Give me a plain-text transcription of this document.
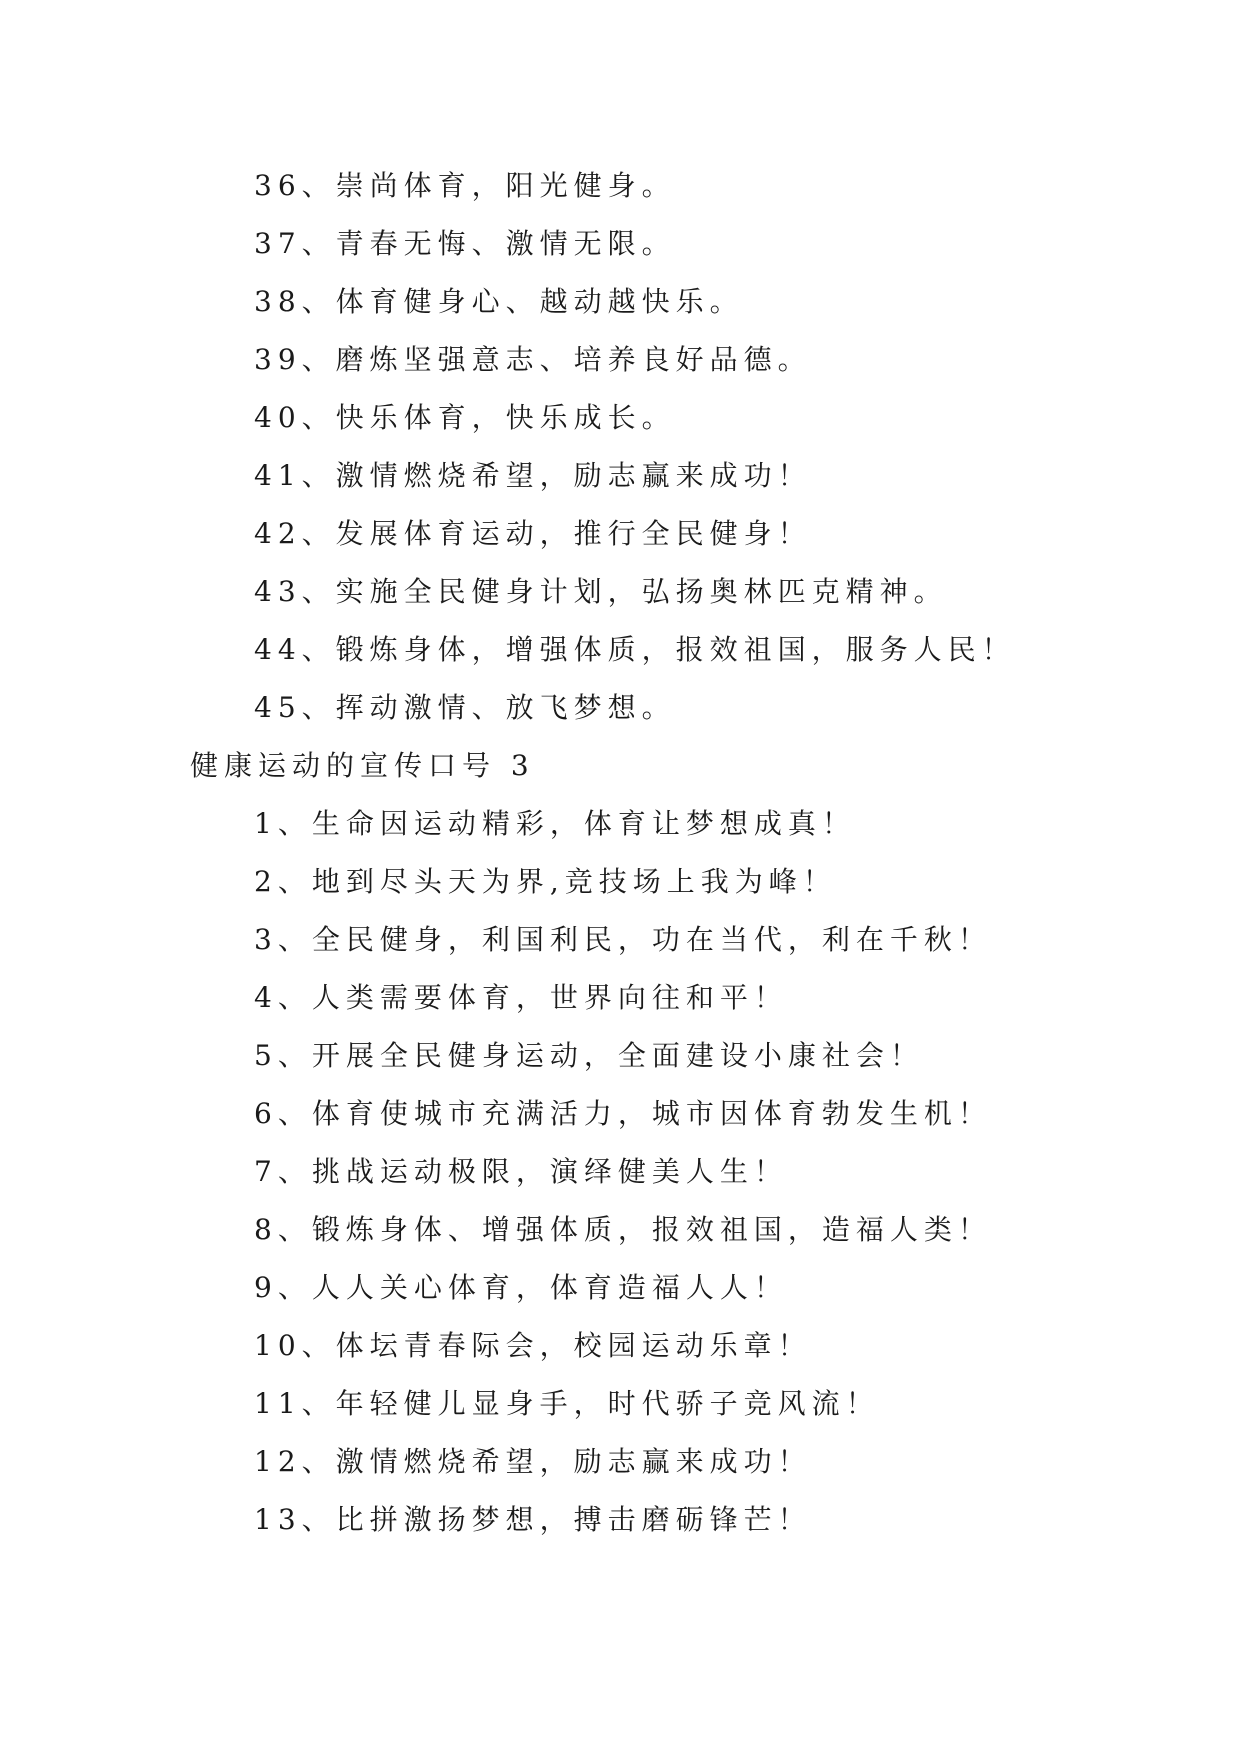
36、崇尚体育，阳光健身。
37、青春无悔、激情无限。
38、体育健身心、越动越快乐。
39、磨炼坚强意志、培养良好品德。
40、快乐体育，快乐成长。
41、激情燃烧希望，励志赢来成功！
42、发展体育运动，推行全民健身！
43、实施全民健身计划，弘扬奥林匹克精神。
44、锻炼身体，增强体质，报效祖国，服务人民！
45、挥动激情、放飞梦想。
健康运动的宣传口号 3
1、生命因运动精彩，体育让梦想成真！
2、地到尽头天为界,竞技场上我为峰！
3、全民健身，利国利民，功在当代，利在千秋！
4、人类需要体育，世界向往和平！
5、开展全民健身运动，全面建设小康社会！
6、体育使城市充满活力，城市因体育勃发生机！
7、挑战运动极限，演绎健美人生！
8、锻炼身体、增强体质，报效祖国，造福人类！
9、人人关心体育，体育造福人人！
10、体坛青春际会，校园运动乐章！
11、年轻健儿显身手，时代骄子竞风流！
12、激情燃烧希望，励志赢来成功！
13、比拼激扬梦想，搏击磨砺锋芒！
